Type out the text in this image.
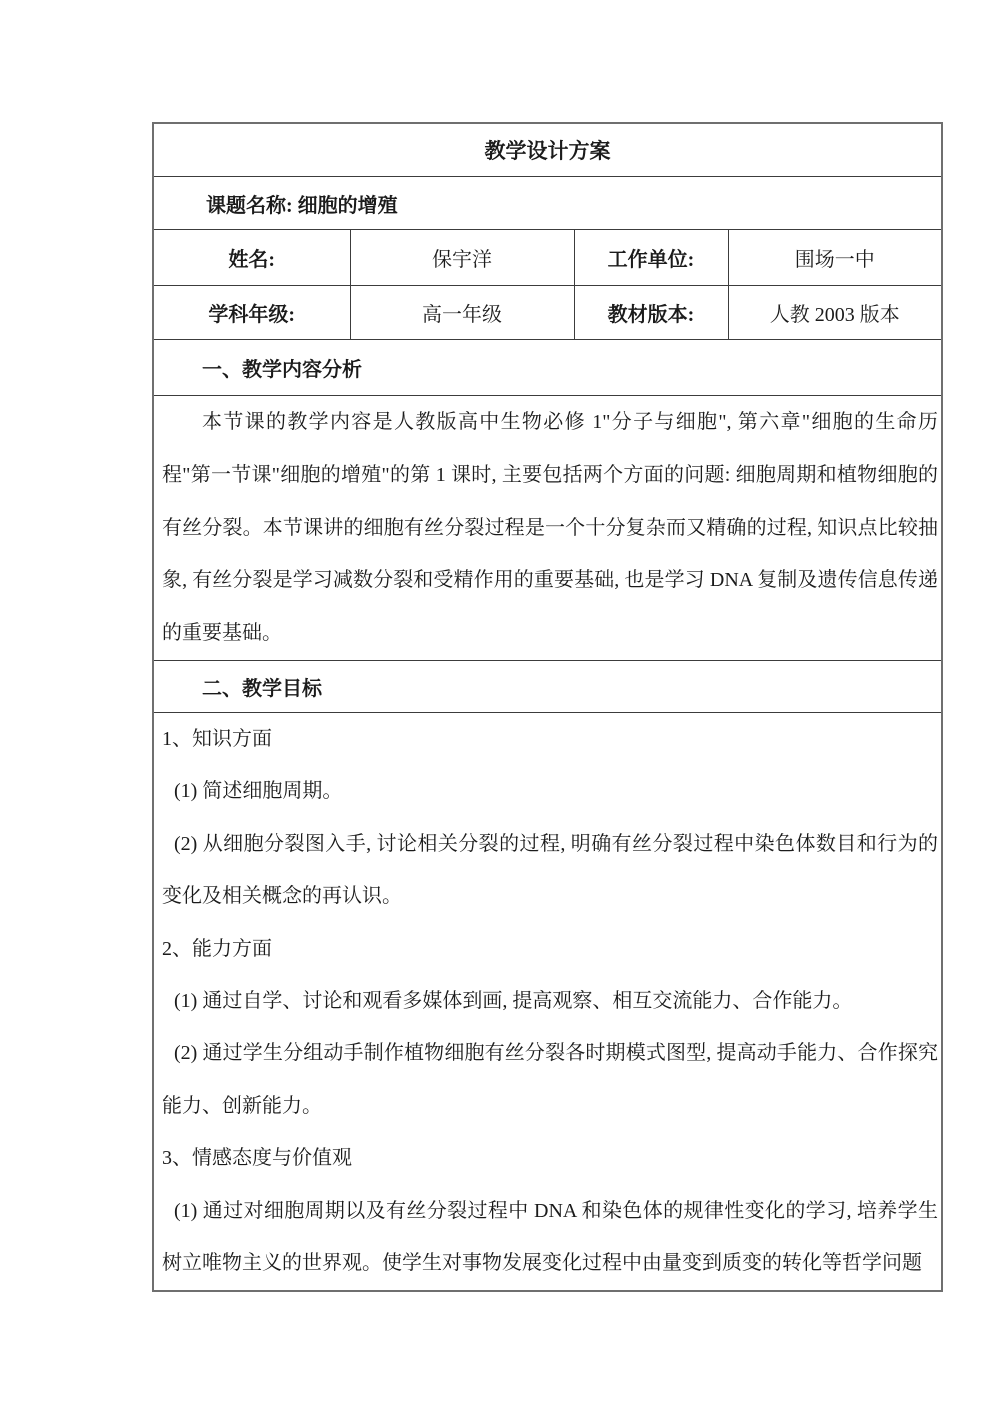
教学设计方案			
课题名称: 细胞的增殖			
姓名:	保宇洋	工作单位:	围场一中
学科年级:	高一年级	教材版本:	人教 2003 版本
一、教学内容分析			

本节课的教学内容是人教版高中生物必修 1"分子与细胞", 第六章"细胞的生命历程"第一节课"细胞的增殖"的第 1 课时, 主要包括两个方面的问题: 细胞周期和植物细胞的有丝分裂。本节课讲的细胞有丝分裂过程是一个十分复杂而又精确的过程, 知识点比较抽象, 有丝分裂是学习减数分裂和受精作用的重要基础, 也是学习 DNA 复制及遗传信息传递的重要基础。			

二、教学目标			

1、知识方面

(1) 简述细胞周期。

(2) 从细胞分裂图入手, 讨论相关分裂的过程, 明确有丝分裂过程中染色体数目和行为的变化及相关概念的再认识。

2、能力方面

(1) 通过自学、讨论和观看多媒体到画, 提高观察、相互交流能力、合作能力。

(2) 通过学生分组动手制作植物细胞有丝分裂各时期模式图型, 提高动手能力、合作探究能力、创新能力。

3、情感态度与价值观

(1) 通过对细胞周期以及有丝分裂过程中 DNA 和染色体的规律性变化的学习, 培养学生树立唯物主义的世界观。使学生对事物发展变化过程中由量变到质变的转化等哲学问题
